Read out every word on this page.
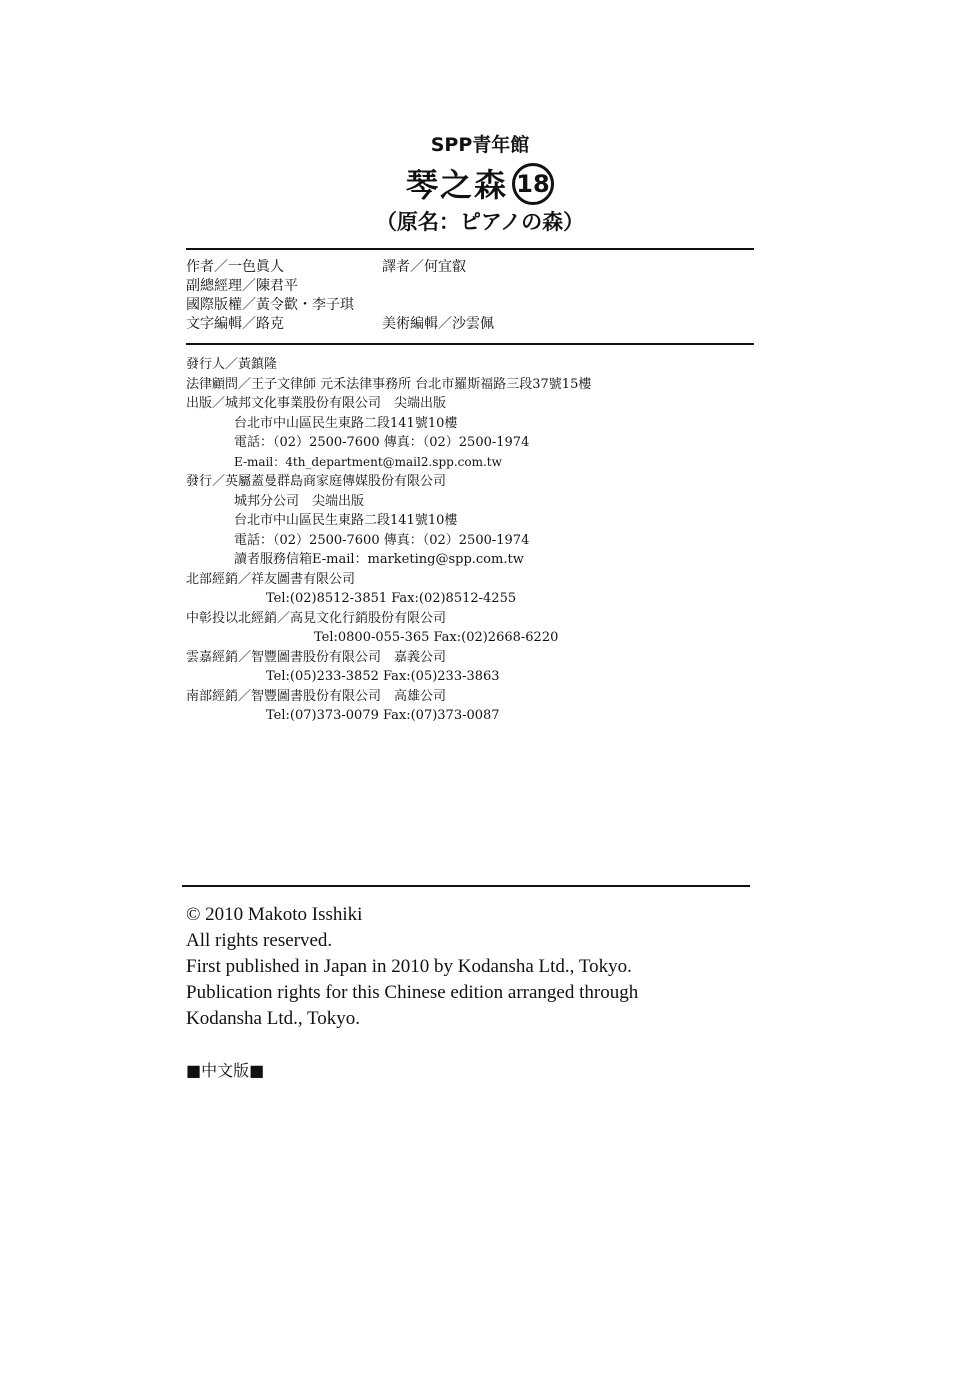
SPP青年館
琴之森 18
（原名：ピアノの森）
作者／一色眞人	譯者／何宜叡
副總經理／陳君平
國際版權／黃令歡・李子琪
文字編輯／路克	美術編輯／沙雲佩
發行人／黃鎮隆
法律顧問／王子文律師 元禾法律事務所 台北市羅斯福路三段37號15樓
出版／城邦文化事業股份有限公司　尖端出版
台北市中山區民生東路二段141號10樓
電話：（02）2500-7600 傳真：（02）2500-1974
E-mail：4th_department@mail2.spp.com.tw
發行／英屬蓋曼群島商家庭傳媒股份有限公司
城邦分公司　尖端出版
台北市中山區民生東路二段141號10樓
電話：（02）2500-7600 傳真：（02）2500-1974
讀者服務信箱E-mail：marketing@spp.com.tw
北部經銷／祥友圖書有限公司
Tel:(02)8512-3851 Fax:(02)8512-4255
中彰投以北經銷／高見文化行銷股份有限公司
Tel:0800-055-365 Fax:(02)2668-6220
雲嘉經銷／智豐圖書股份有限公司　嘉義公司
Tel:(05)233-3852 Fax:(05)233-3863
南部經銷／智豐圖書股份有限公司　高雄公司
Tel:(07)373-0079 Fax:(07)373-0087
© 2010 Makoto Isshiki
All rights reserved.
First published in Japan in 2010 by Kodansha Ltd., Tokyo.
Publication rights for this Chinese edition arranged through
Kodansha Ltd., Tokyo.
■中文版■
